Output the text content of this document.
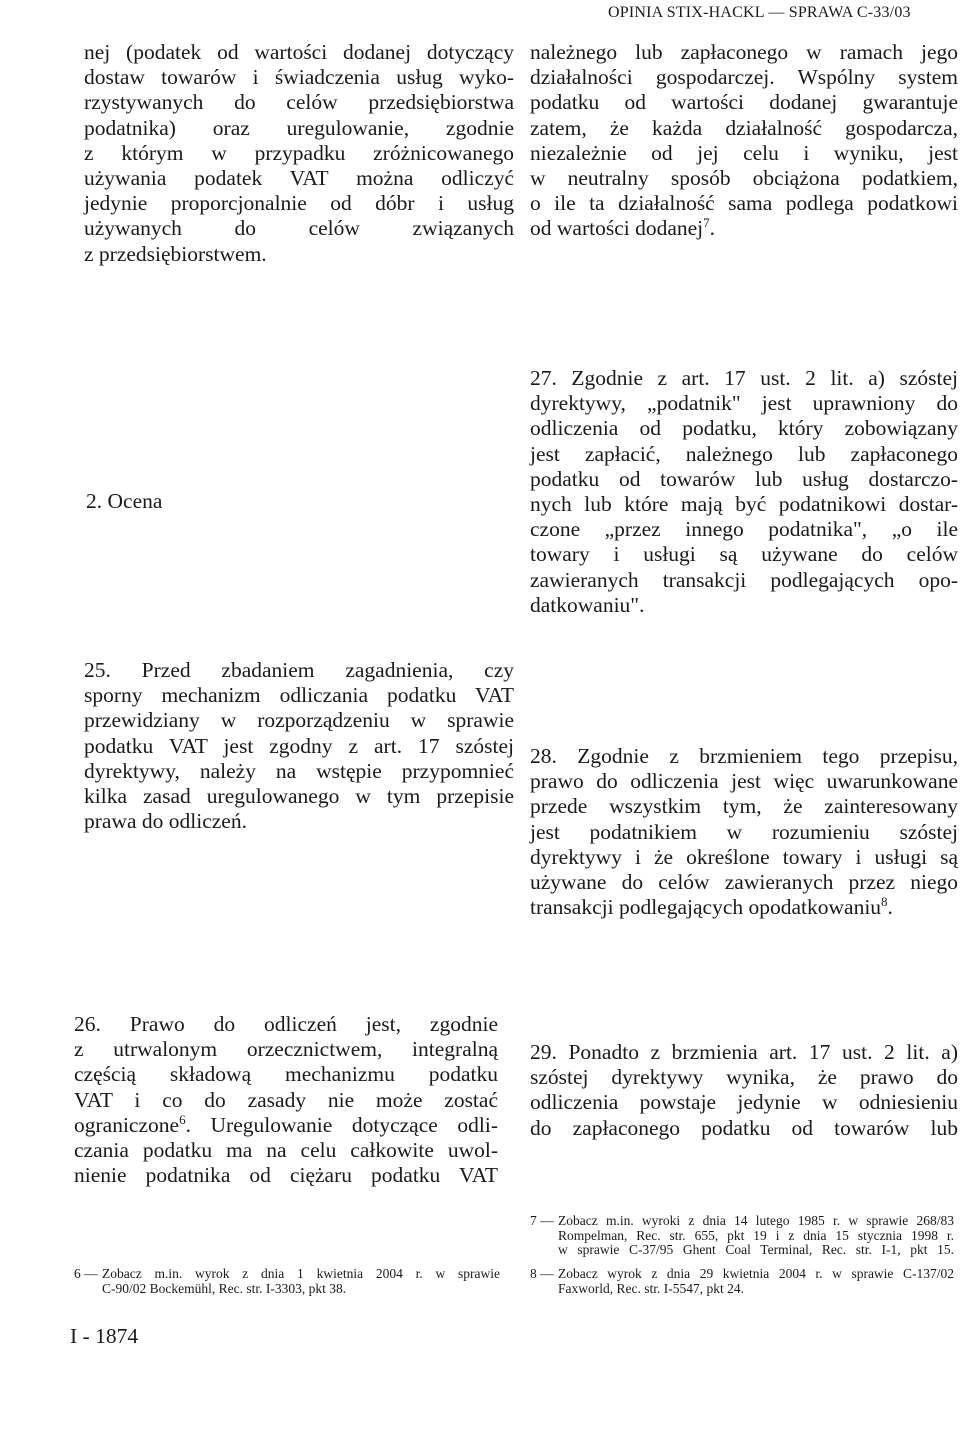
OPINIA STIX-HACKL — SPRAWA C-33/03
nej (podatek od wartości dodanej dotyczący
dostaw towarów i świadczenia usług wyko-
rzystywanych do celów przedsiębiorstwa
podatnika) oraz uregulowanie, zgodnie
z którym w przypadku zróżnicowanego
używania podatek VAT można odliczyć
jedynie proporcjonalnie od dóbr i usług
używanych do celów związanych
z przedsiębiorstwem.
2. Ocena
25. Przed zbadaniem zagadnienia, czy
sporny mechanizm odliczania podatku VAT
przewidziany w rozporządzeniu w sprawie
podatku VAT jest zgodny z art. 17 szóstej
dyrektywy, należy na wstępie przypomnieć
kilka zasad uregulowanego w tym przepisie
prawa do odliczeń.
26. Prawo do odliczeń jest, zgodnie
z utrwalonym orzecznictwem, integralną
częścią składową mechanizmu podatku
VAT i co do zasady nie może zostać
ograniczone$^6$. Uregulowanie dotyczące odli-
czania podatku ma na celu całkowite uwol-
nienie podatnika od ciężaru podatku VAT
6 — Zobacz m.in. wyrok z dnia 1 kwietnia 2004 r. w sprawie
C-90/02 Bockemühl, Rec. str. I-3303, pkt 38.
I - 1874
należnego lub zapłaconego w ramach jego
działalności gospodarczej. Wspólny system
podatku od wartości dodanej gwarantuje
zatem, że każda działalność gospodarcza,
niezależnie od jej celu i wyniku, jest
w neutralny sposób obciążona podatkiem,
o ile ta działalność sama podlega podatkowi
od wartości dodanej$^7$.
27. Zgodnie z art. 17 ust. 2 lit. a) szóstej
dyrektywy, „podatnik" jest uprawniony do
odliczenia od podatku, który zobowiązany
jest zapłacić, należnego lub zapłaconego
podatku od towarów lub usług dostarczo-
nych lub które mają być podatnikowi dostar-
czone „przez innego podatnika", „o ile
towary i usługi są używane do celów
zawieranych transakcji podlegających opo-
datkowaniu".
28. Zgodnie z brzmieniem tego przepisu,
prawo do odliczenia jest więc uwarunkowane
przede wszystkim tym, że zainteresowany
jest podatnikiem w rozumieniu szóstej
dyrektywy i że określone towary i usługi są
używane do celów zawieranych przez niego
transakcji podlegających opodatkowaniu$^8$.
29. Ponadto z brzmienia art. 17 ust. 2 lit. a)
szóstej dyrektywy wynika, że prawo do
odliczenia powstaje jedynie w odniesieniu
do zapłaconego podatku od towarów lub
7 — Zobacz m.in. wyroki z dnia 14 lutego 1985 r. w sprawie 268/83
Rompelman, Rec. str. 655, pkt 19 i z dnia 15 stycznia 1998 r.
w sprawie C-37/95 Ghent Coal Terminal, Rec. str. I-1, pkt 15.
8 — Zobacz wyrok z dnia 29 kwietnia 2004 r. w sprawie C-137/02
Faxworld, Rec. str. I-5547, pkt 24.
